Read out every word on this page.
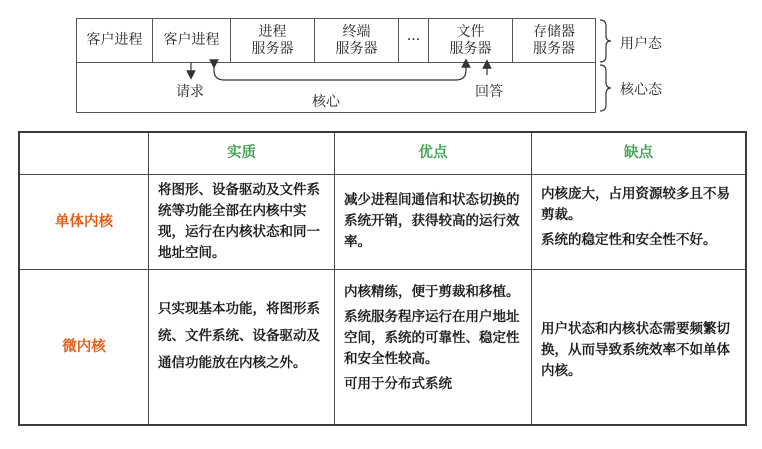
客户进程 客户进程
进程
服务器
终端
服务器
···
文件
服务器
存储器
服务器
请求
核心
回答
用户态
核心态
实质	优点	缺点
单体内核

将图形、设备驱动及文件系统等功能全部在内核中实现，运行在内核状态和同一地址空间。

减少进程间通信和状态切换的系统开销，获得较高的运行效率。

内核庞大，占用资源较多且不易剪裁。

系统的稳定性和安全性不好。

微内核

只实现基本功能，将图形系统、文件系统、设备驱动及通信功能放在内核之外。

内核精练，便于剪裁和移植。

系统服务程序运行在用户地址空间，系统的可靠性、稳定性和安全性较高。

可用于分布式系统

用户状态和内核状态需要频繁切换，从而导致系统效率不如单体内核。
